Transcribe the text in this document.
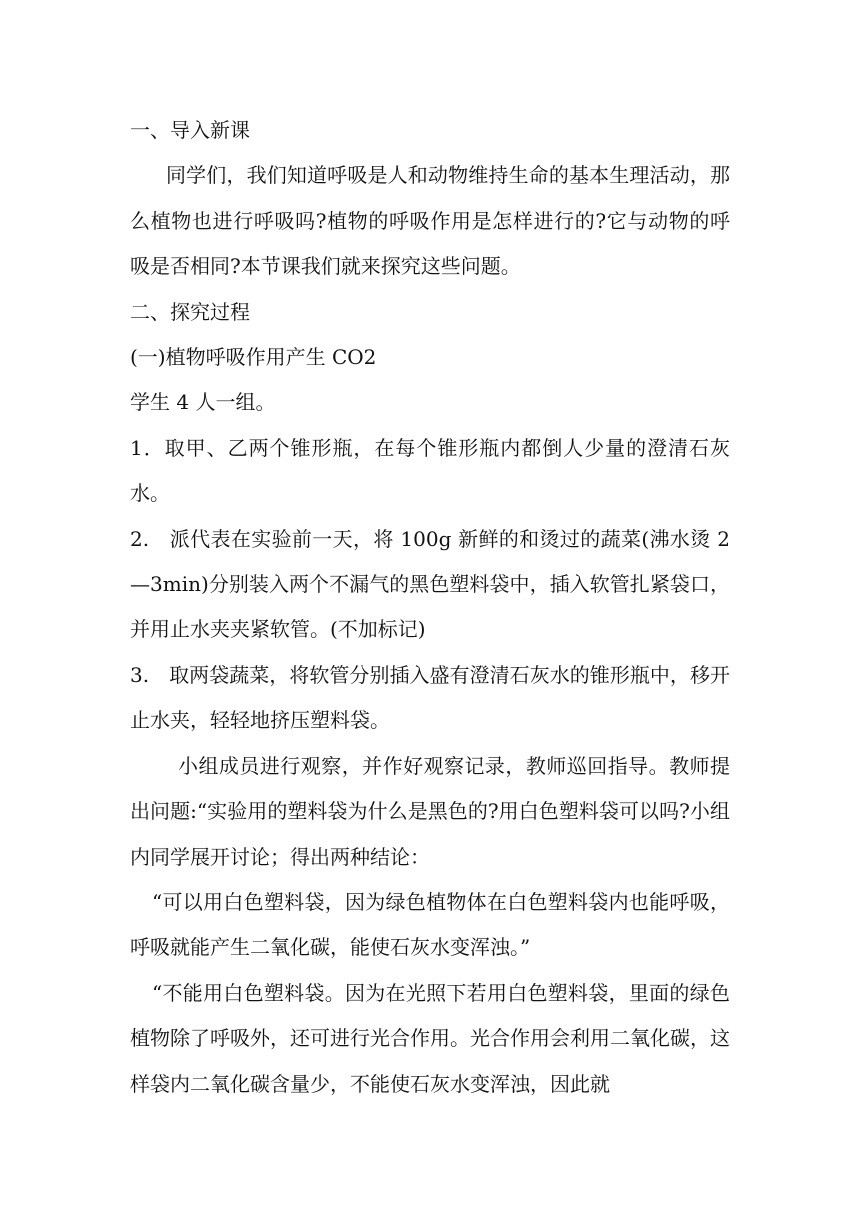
一、导入新课

同学们，我们知道呼吸是人和动物维持生命的基本生理活动，那么植物也进行呼吸吗?植物的呼吸作用是怎样进行的?它与动物的呼吸是否相同?本节课我们就来探究这些问题。

二、探究过程

(一)植物呼吸作用产生 CO2

学生 4 人一组。

1．取甲、乙两个锥形瓶，在每个锥形瓶内都倒人少量的澄清石灰水。

2.　派代表在实验前一天，将 100g 新鲜的和烫过的蔬菜(沸水烫 2—3min)分别装入两个不漏气的黑色塑料袋中，插入软管扎紧袋口，并用止水夹夹紧软管。(不加标记)

3.　取两袋蔬菜，将软管分别插入盛有澄清石灰水的锥形瓶中，移开止水夹，轻轻地挤压塑料袋。

小组成员进行观察，并作好观察记录，教师巡回指导。教师提出问题:“实验用的塑料袋为什么是黑色的?用白色塑料袋可以吗?小组内同学展开讨论；得出两种结论：

“可以用白色塑料袋，因为绿色植物体在白色塑料袋内也能呼吸，呼吸就能产生二氧化碳，能使石灰水变浑浊。”

“不能用白色塑料袋。因为在光照下若用白色塑料袋，里面的绿色植物除了呼吸外，还可进行光合作用。光合作用会利用二氧化碳，这样袋内二氧化碳含量少，不能使石灰水变浑浊，因此就
